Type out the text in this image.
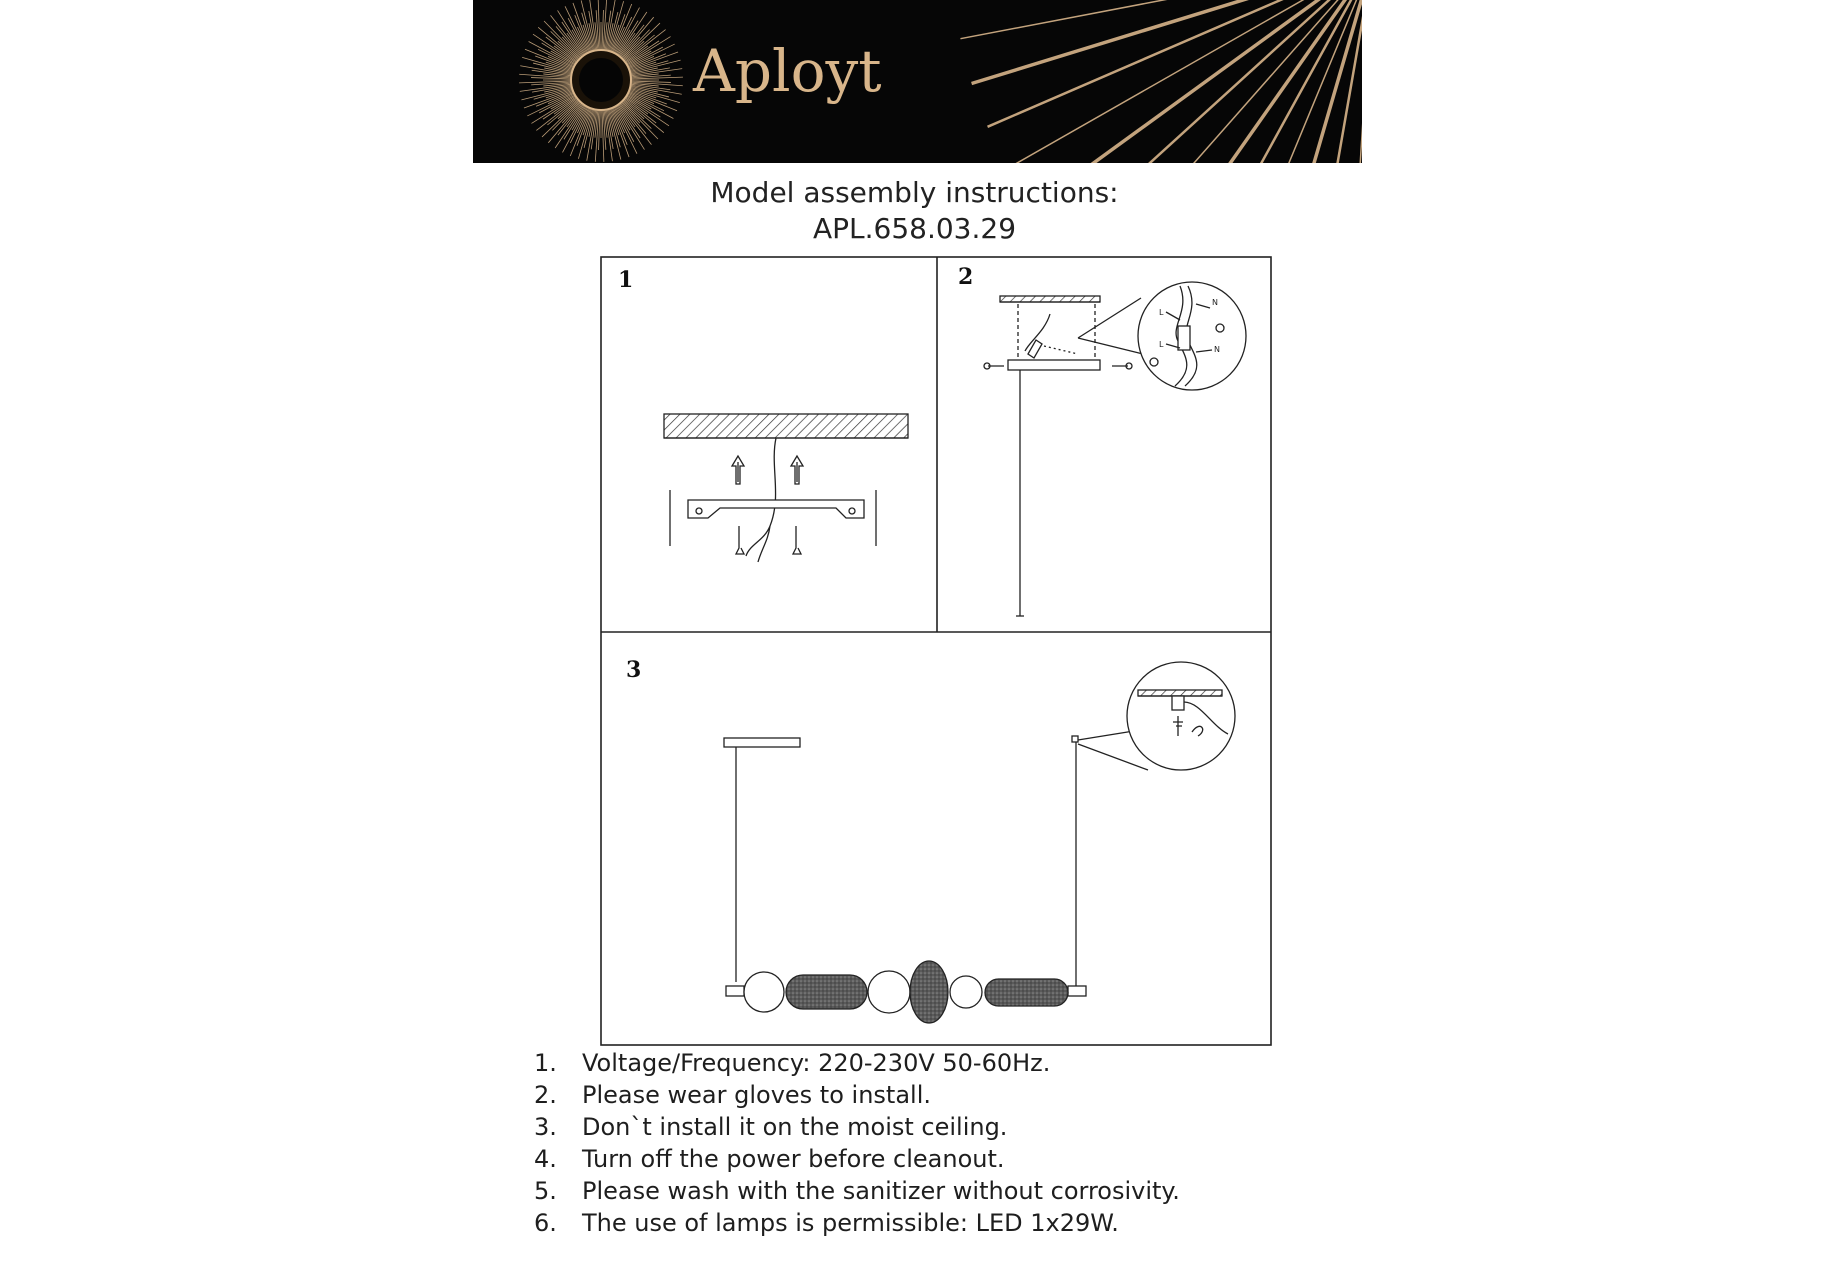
Aployt
Model assembly instructions:
APL.658.03.29
1	2
3
L
N
L
N
1. Voltage/Frequency: 220-230V 50-60Hz.
2. Please wear gloves to install.
3. Don`t install it on the moist ceiling.
4. Turn off the power before cleanout.
5. Please wash with the sanitizer without corrosivity.
6. The use of lamps is permissible: LED 1x29W.
